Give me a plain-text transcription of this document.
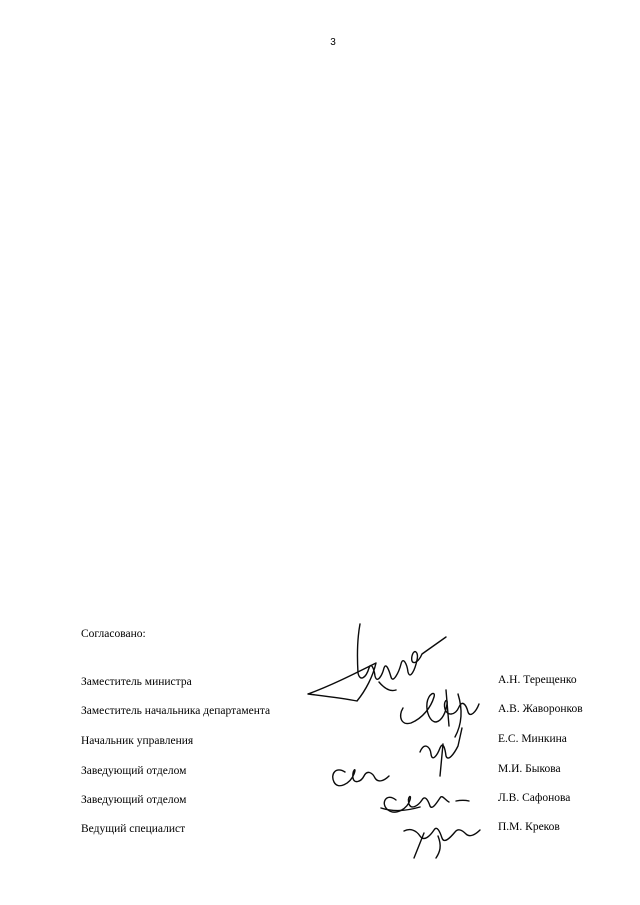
3
Согласовано:
Заместитель министра	А.Н. Терещенко
Заместитель начальника департамента	А.В. Жаворонков
Начальник управления	Е.С. Минкина
Заведующий отделом	М.И. Быкова
Заведующий отделом	Л.В. Сафонова
Ведущий специалист	П.М. Креков
